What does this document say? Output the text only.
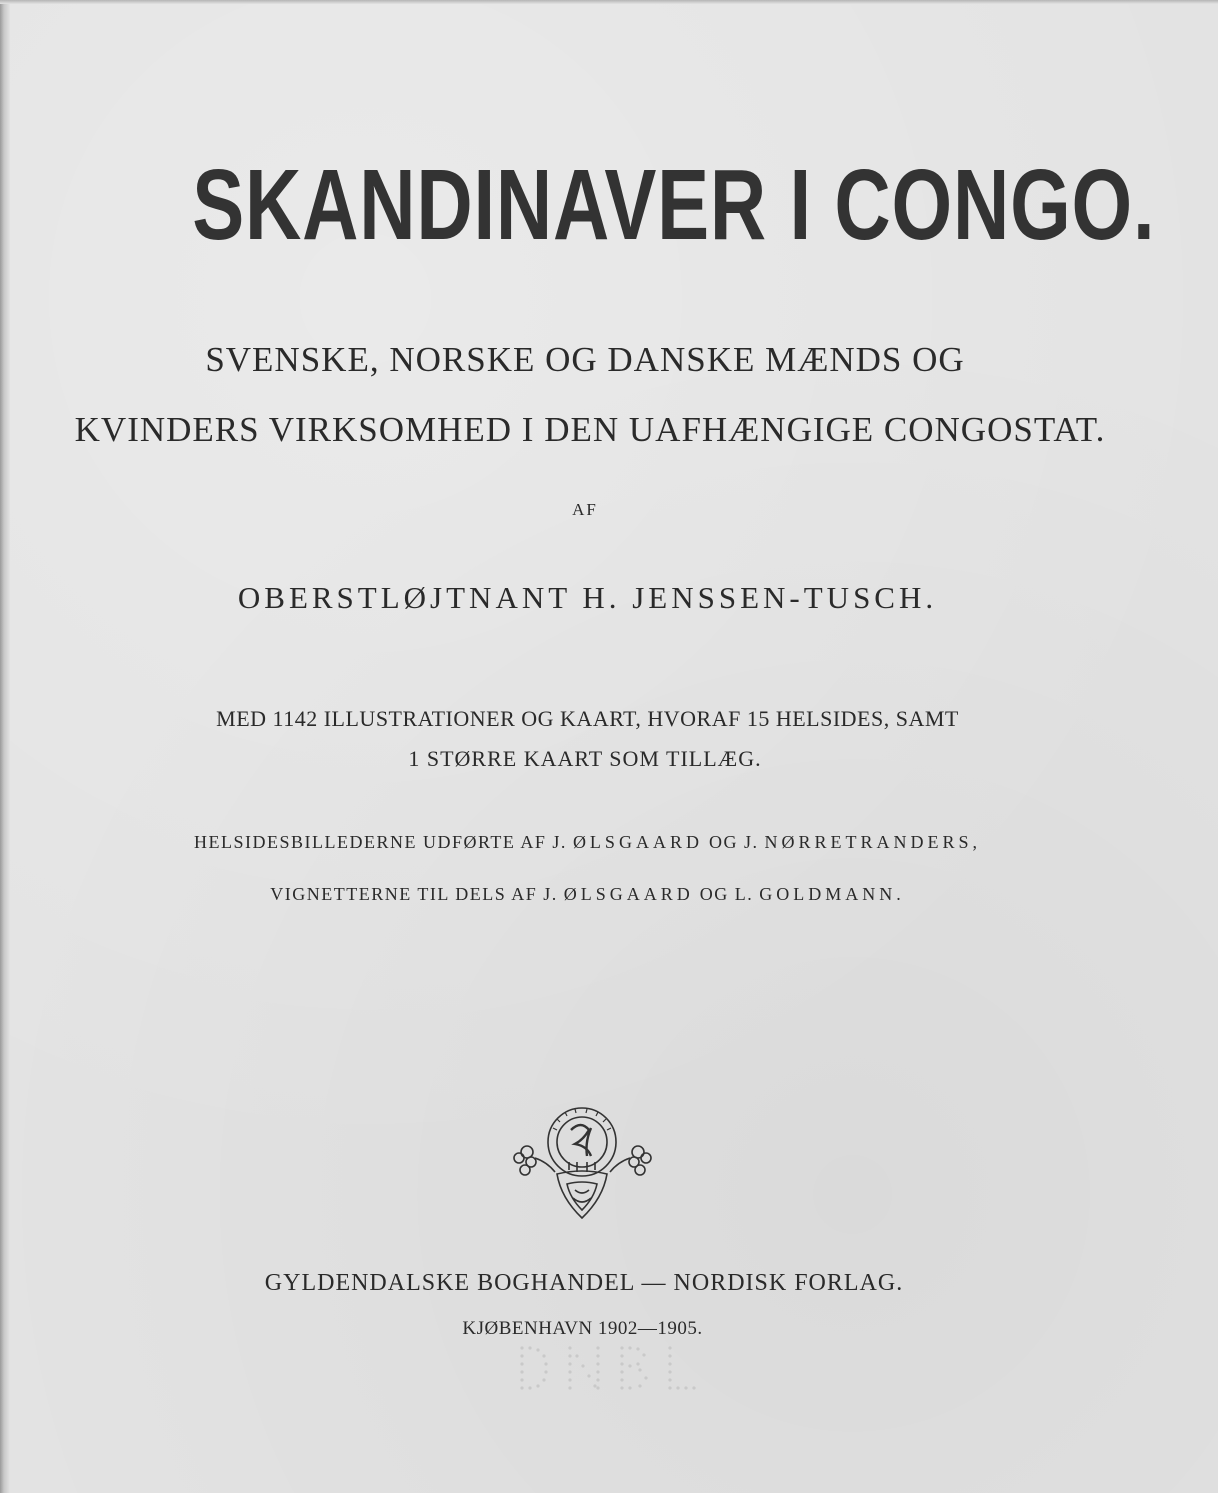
SKANDINAVER I CONGO.
SVENSKE, NORSKE OG DANSKE MÆNDS OG
KVINDERS VIRKSOMHED I DEN UAFHÆNGIGE CONGOSTAT.
AF
OBERSTLØJTNANT H. JENSSEN-TUSCH.
MED 1142 ILLUSTRATIONER OG KAART, HVORAF 15 HELSIDES, SAMT
1 STØRRE KAART SOM TILLÆG.
HELSIDESBILLEDERNE UDFØRTE AF J. ØLSGAARD OG J. NØRRETRANDERS,
VIGNETTERNE TIL DELS AF J. ØLSGAARD OG L. GOLDMANN.
GYLDENDALSKE BOGHANDEL — NORDISK FORLAG.
KJØBENHAVN 1902—1905.
